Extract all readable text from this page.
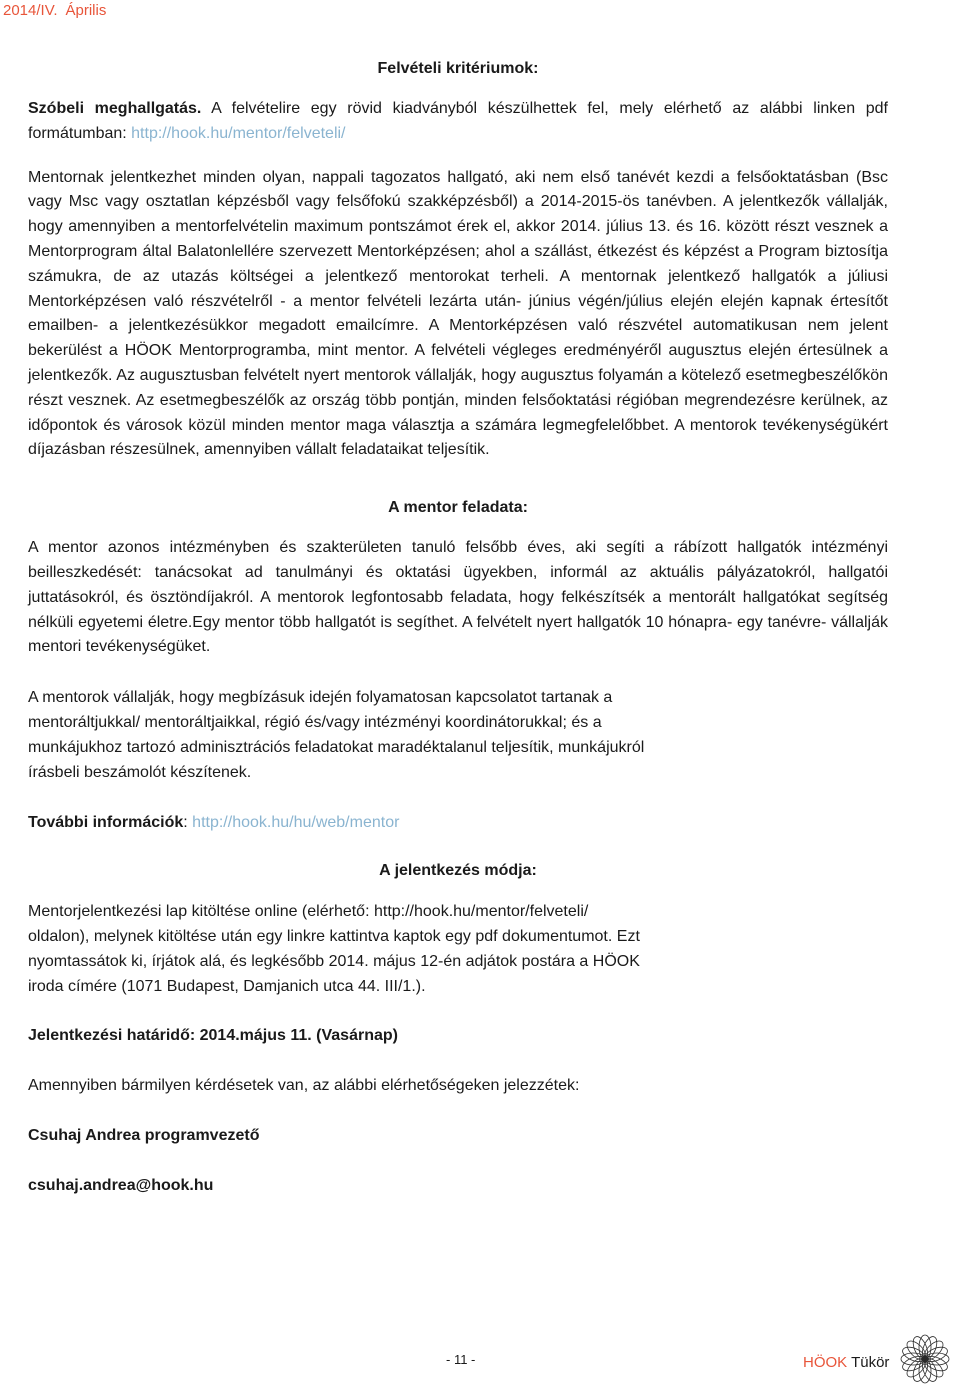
2014/IV. Április
Felvételi kritériumok:

Szóbeli meghallgatás. A felvételire egy rövid kiadványból készülhettek fel, mely elérhető az alábbi linken pdf formátumban: http://hook.hu/mentor/felveteli/

Mentornak jelentkezhet minden olyan, nappali tagozatos hallgató, aki nem első tanévét kezdi a felsőoktatásban (Bsc vagy Msc vagy osztatlan képzésből vagy felsőfokú szakképzésből) a 2014-2015-ös tanévben. A jelentkezők vállalják, hogy amennyiben a mentorfelvételin maximum pontszámot érek el, akkor 2014. július 13. és 16. között részt vesznek a Mentorprogram által Balatonlellére szervezett Mentorképzésen; ahol a szállást, étkezést és képzést a Program biztosítja számukra, de az utazás költségei a jelentkező mentorokat terheli. A mentornak jelentkező hallgatók a júliusi Mentorképzésen való részvételről - a mentor felvételi lezárta után- június végén/július elején elején kapnak értesítőt emailben- a jelentkezésükkor megadott emailcímre. A Mentorképzésen való részvétel automatikusan nem jelent bekerülést a HÖOK Mentorprogramba, mint mentor. A felvételi végleges eredményéről augusztus elején értesülnek a jelentkezők. Az augusztusban felvételt nyert mentorok vállalják, hogy augusztus folyamán a kötelező esetmegbeszélőkön részt vesznek. Az esetmegbeszélők az ország több pontján, minden felsőoktatási régióban megrendezésre kerülnek, az időpontok és városok közül minden mentor maga választja a számára legmegfelelőbbet. A mentorok tevékenységükért díjazásban részesülnek, amennyiben vállalt feladataikat teljesítik.

A mentor feladata:

A mentor azonos intézményben és szakterületen tanuló felsőbb éves, aki segíti a rábízott hallgatók intézményi beilleszkedését: tanácsokat ad tanulmányi és oktatási ügyekben, informál az aktuális pályázatokról, hallgatói juttatásokról, és ösztöndíjakról. A mentorok legfontosabb feladata, hogy felkészítsék a mentorált hallgatókat segítség nélküli egyetemi életre.Egy mentor több hallgatót is segíthet. A felvételt nyert hallgatók 10 hónapra- egy tanévre- vállalják mentori tevékenységüket.

A mentorok vállalják, hogy megbízásuk idején folyamatosan kapcsolatot tartanak a

mentoráltjukkal/ mentoráltjaikkal, régió és/vagy intézményi koordinátorukkal; és a

munkájukhoz tartozó adminisztrációs feladatokat maradéktalanul teljesítik, munkájukról

írásbeli beszámolót készítenek.

További információk: http://hook.hu/hu/web/mentor

A jelentkezés módja:

Mentorjelentkezési lap kitöltése online (elérhető: http://hook.hu/mentor/felveteli/

oldalon), melynek kitöltése után egy linkre kattintva kaptok egy pdf dokumentumot. Ezt

nyomtassátok ki, írjátok alá, és legkésőbb 2014. május 12-én adjátok postára a HÖOK

iroda címére (1071 Budapest, Damjanich utca 44. III/1.).

Jelentkezési határidő: 2014.május 11. (Vasárnap)

Amennyiben bármilyen kérdésetek van, az alábbi elérhetőségeken jelezzétek:

Csuhaj Andrea programvezető

csuhaj.andrea@hook.hu

- 11 -	HÖOK Tükör
